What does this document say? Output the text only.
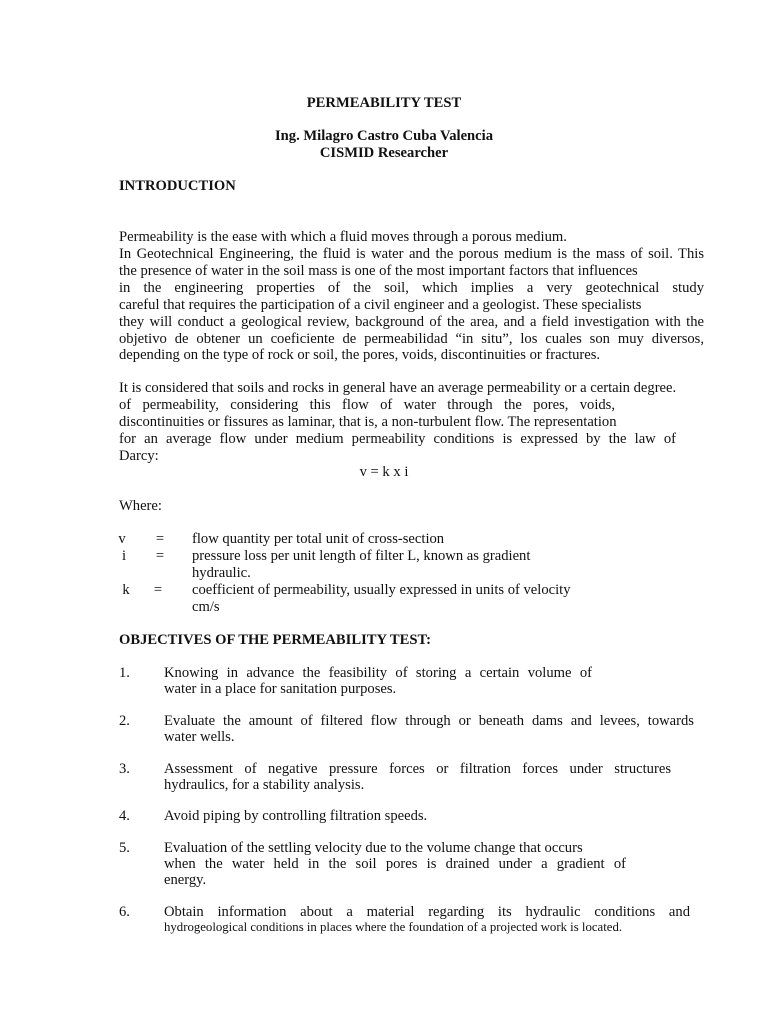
PERMEABILITY TEST
Ing. Milagro Castro Cuba Valencia
CISMID Researcher
INTRODUCTION
Permeability is the ease with which a fluid moves through a porous medium.
In Geotechnical Engineering, the fluid is water and the porous medium is the mass of soil. This
the presence of water in the soil mass is one of the most important factors that influences
in the engineering properties of the soil, which implies a very geotechnical study
careful that requires the participation of a civil engineer and a geologist. These specialists
they will conduct a geological review, background of the area, and a field investigation with the
objetivo de obtener un coeficiente de permeabilidad “in situ”, los cuales son muy diversos,
depending on the type of rock or soil, the pores, voids, discontinuities or fractures.
It is considered that soils and rocks in general have an average permeability or a certain degree.
of permeability, considering this flow of water through the pores, voids,
discontinuities or fissures as laminar, that is, a non-turbulent flow. The representation
for an average flow under medium permeability conditions is expressed by the law of
Darcy:
v = k x i
Where:
v	=	flow quantity per total unit of cross-section
i	=	pressure loss per unit length of filter L, known as gradient
hydraulic.
k	=	coefficient of permeability, usually expressed in units of velocity
cm/s
OBJECTIVES OF THE PERMEABILITY TEST:
1. Knowing in advance the feasibility of storing a certain volume of
water in a place for sanitation purposes.
2. Evaluate the amount of filtered flow through or beneath dams and levees, towards
water wells.
3. Assessment of negative pressure forces or filtration forces under structures
hydraulics, for a stability analysis.
4. Avoid piping by controlling filtration speeds.
5. Evaluation of the settling velocity due to the volume change that occurs
when the water held in the soil pores is drained under a gradient of
energy.
6. Obtain information about a material regarding its hydraulic conditions and
hydrogeological conditions in places where the foundation of a projected work is located.
